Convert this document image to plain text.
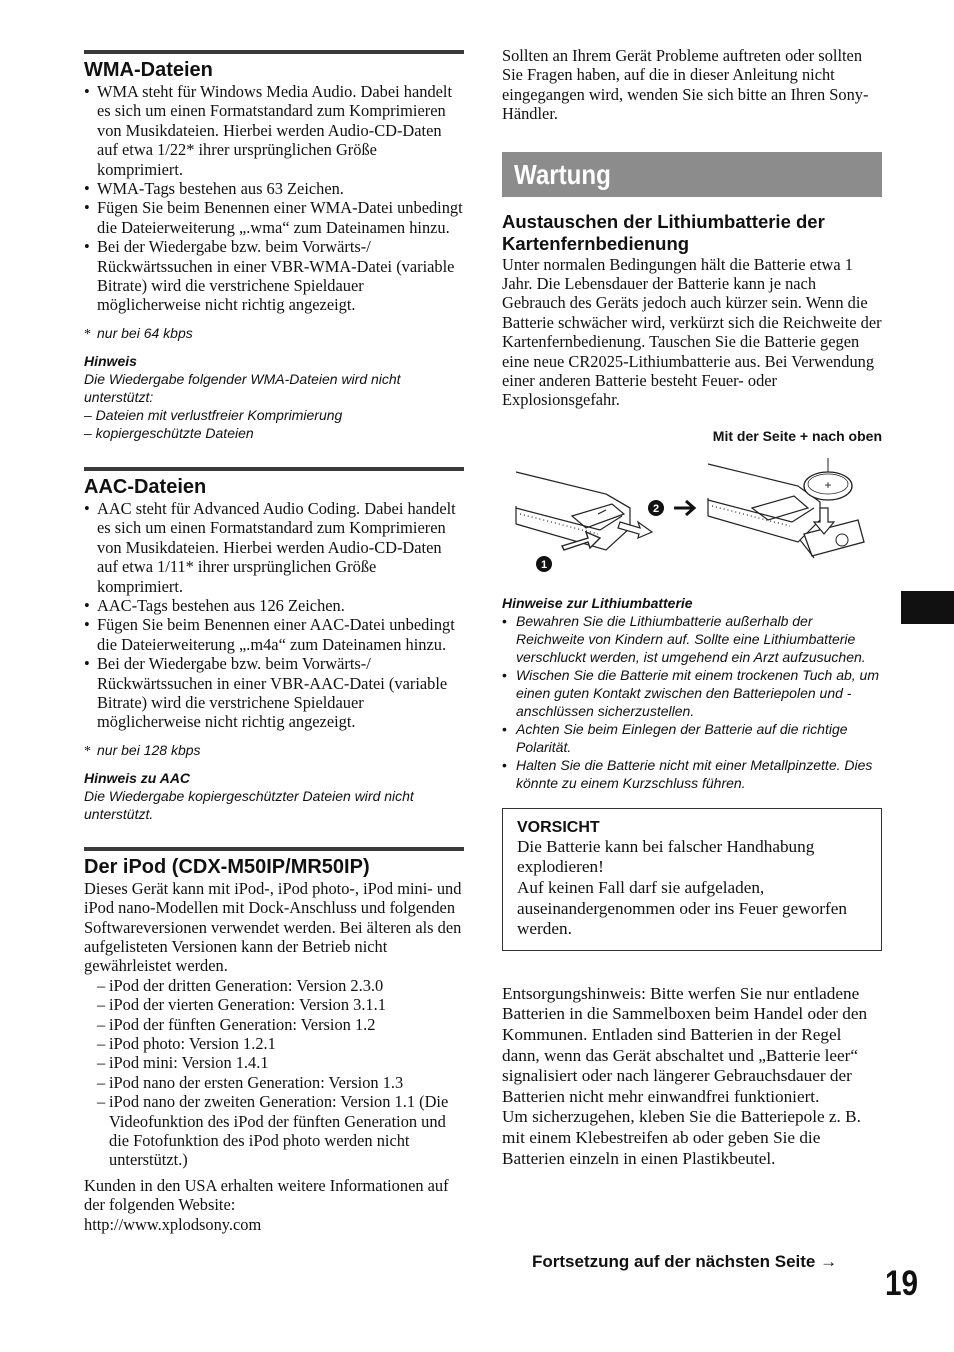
WMA-Dateien
• WMA steht für Windows Media Audio. Dabei handelt es sich um einen Formatstandard zum Komprimieren von Musikdateien. Hierbei werden Audio-CD-Daten auf etwa 1/22* ihrer ursprünglichen Größe komprimiert.
• WMA-Tags bestehen aus 63 Zeichen.
• Fügen Sie beim Benennen einer WMA-Datei unbedingt die Dateierweiterung „.wma“ zum Dateinamen hinzu.
• Bei der Wiedergabe bzw. beim Vorwärts-/ Rückwärtssuchen in einer VBR-WMA-Datei (variable Bitrate) wird die verstrichene Spieldauer möglicherweise nicht richtig angezeigt.
* nur bei 64 kbps
Hinweis
Die Wiedergabe folgender WMA-Dateien wird nicht unterstützt:
– Dateien mit verlustfreier Komprimierung
– kopiergeschützte Dateien
AAC-Dateien
• AAC steht für Advanced Audio Coding. Dabei handelt es sich um einen Formatstandard zum Komprimieren von Musikdateien. Hierbei werden Audio-CD-Daten auf etwa 1/11* ihrer ursprünglichen Größe komprimiert.
• AAC-Tags bestehen aus 126 Zeichen.
• Fügen Sie beim Benennen einer AAC-Datei unbedingt die Dateierweiterung „.m4a“ zum Dateinamen hinzu.
• Bei der Wiedergabe bzw. beim Vorwärts-/ Rückwärtssuchen in einer VBR-AAC-Datei (variable Bitrate) wird die verstrichene Spieldauer möglicherweise nicht richtig angezeigt.
* nur bei 128 kbps
Hinweis zu AAC
Die Wiedergabe kopiergeschützter Dateien wird nicht unterstützt.
Der iPod (CDX-M50IP/MR50IP)
Dieses Gerät kann mit iPod-, iPod photo-, iPod mini- und iPod nano-Modellen mit Dock-Anschluss und folgenden Softwareversionen verwendet werden. Bei älteren als den aufgelisteten Versionen kann der Betrieb nicht gewährleistet werden.
– iPod der dritten Generation: Version 2.3.0
– iPod der vierten Generation: Version 3.1.1
– iPod der fünften Generation: Version 1.2
– iPod photo: Version 1.2.1
– iPod mini: Version 1.4.1
– iPod nano der ersten Generation: Version 1.3
– iPod nano der zweiten Generation: Version 1.1 (Die Videofunktion des iPod der fünften Generation und die Fotofunktion des iPod photo werden nicht unterstützt.)
Kunden in den USA erhalten weitere Informationen auf der folgenden Website:
http://www.xplodsony.com
Sollten an Ihrem Gerät Probleme auftreten oder sollten Sie Fragen haben, auf die in dieser Anleitung nicht eingegangen wird, wenden Sie sich bitte an Ihren Sony-Händler.
Wartung
Austauschen der Lithiumbatterie der Kartenfernbedienung
Unter normalen Bedingungen hält die Batterie etwa 1 Jahr. Die Lebensdauer der Batterie kann je nach Gebrauch des Geräts jedoch auch kürzer sein. Wenn die Batterie schwächer wird, verkürzt sich die Reichweite der Kartenfernbedienung. Tauschen Sie die Batterie gegen eine neue CR2025-Lithiumbatterie aus. Bei Verwendung einer anderen Batterie besteht Feuer- oder Explosionsgefahr.
Mit der Seite + nach oben
1
2
+
Hinweise zur Lithiumbatterie
• Bewahren Sie die Lithiumbatterie außerhalb der Reichweite von Kindern auf. Sollte eine Lithiumbatterie verschluckt werden, ist umgehend ein Arzt aufzusuchen.
• Wischen Sie die Batterie mit einem trockenen Tuch ab, um einen guten Kontakt zwischen den Batteriepolen und -anschlüssen sicherzustellen.
• Achten Sie beim Einlegen der Batterie auf die richtige Polarität.
• Halten Sie die Batterie nicht mit einer Metallpinzette. Dies könnte zu einem Kurzschluss führen.
VORSICHT
Die Batterie kann bei falscher Handhabung explodieren!
Auf keinen Fall darf sie aufgeladen, auseinandergenommen oder ins Feuer geworfen werden.
Entsorgungshinweis: Bitte werfen Sie nur entladene Batterien in die Sammelboxen beim Handel oder den Kommunen. Entladen sind Batterien in der Regel dann, wenn das Gerät abschaltet und „Batterie leer“ signalisiert oder nach längerer Gebrauchsdauer der Batterien nicht mehr einwandfrei funktioniert.
Um sicherzugehen, kleben Sie die Batteriepole z. B. mit einem Klebestreifen ab oder geben Sie die Batterien einzeln in einen Plastikbeutel.
Fortsetzung auf der nächsten Seite →
19
